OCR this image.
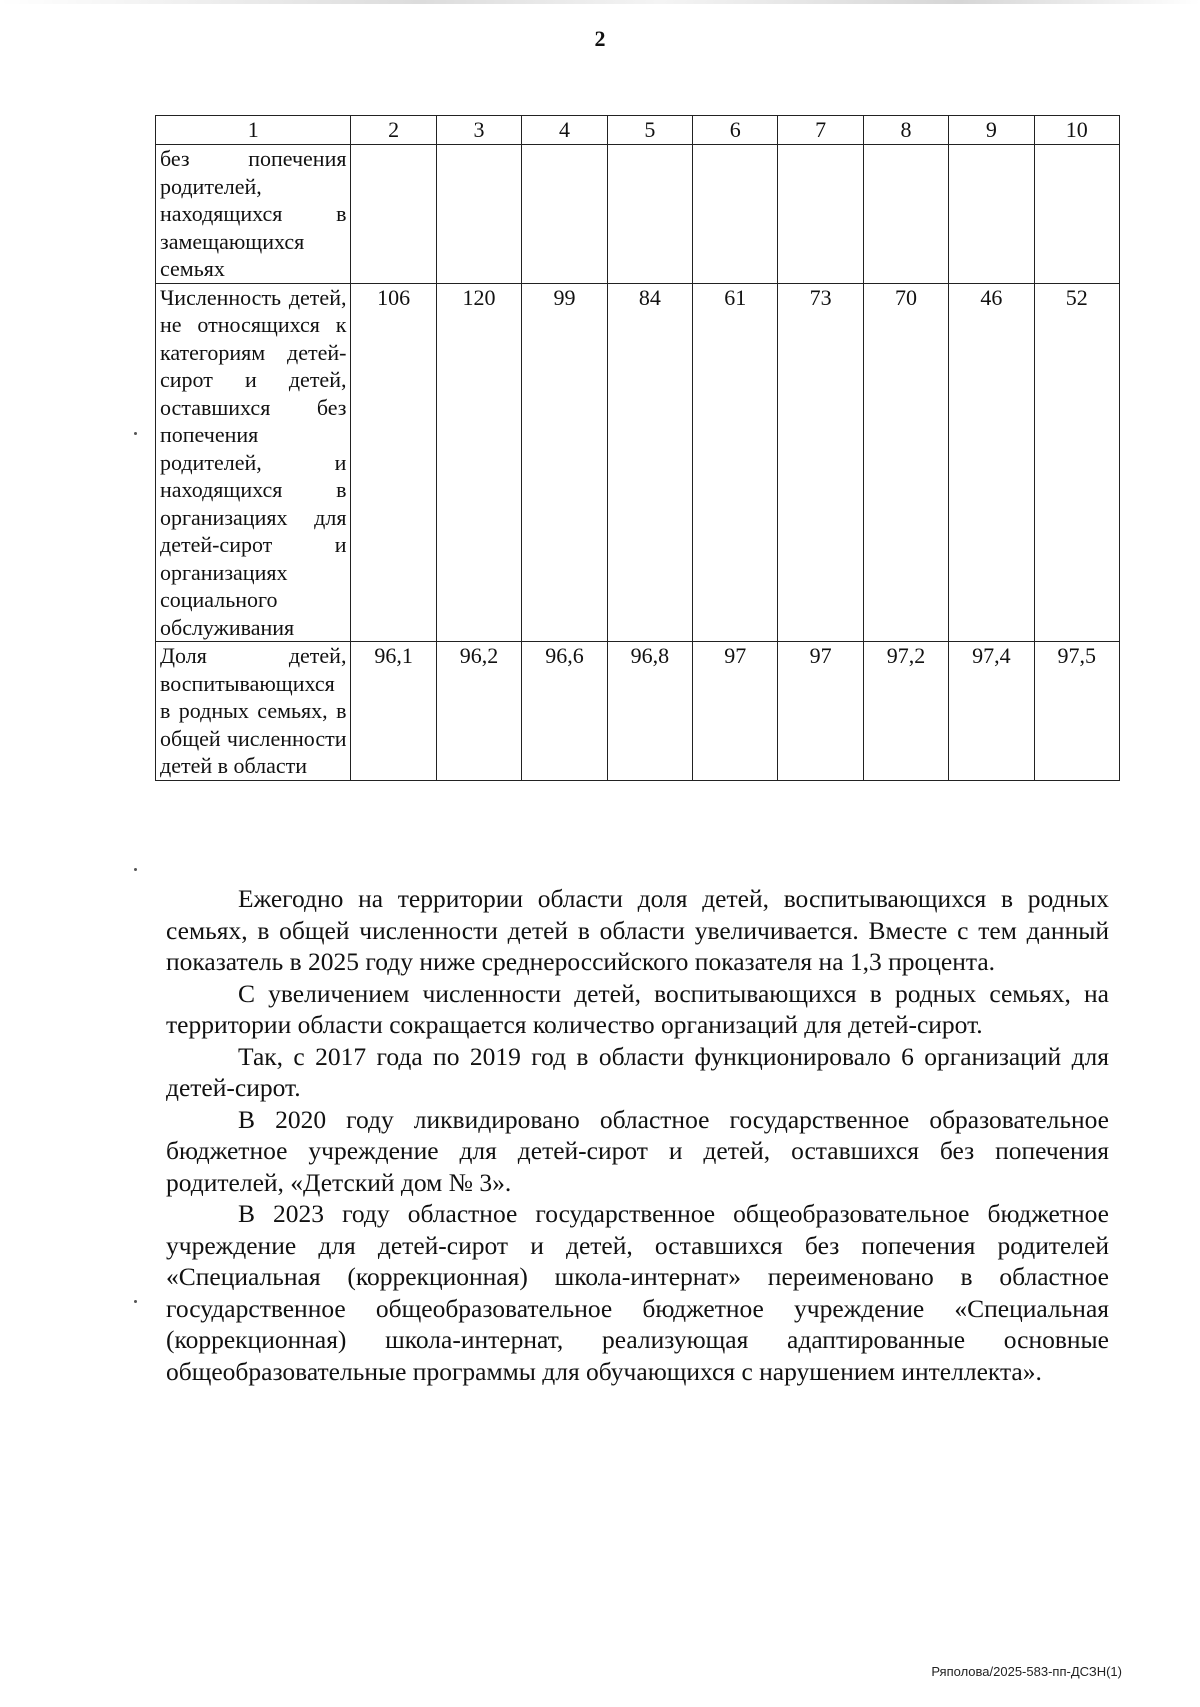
2
1	2	3	4	5	6	7	8	9	10
без попечения родителей, находящихся в замещающихся семьях									
Численность детей, не относящихся к категориям детей-сирот и детей, оставшихся без попечения родителей, и находящихся в организациях для детей-сирот и организациях социального обслуживания	106	120	99	84	61	73	70	46	52
Доля детей, воспитывающихся в родных семьях, в общей численности детей в области	96,1	96,2	96,6	96,8	97	97	97,2	97,4	97,5

Ежегодно на территории области доля детей, воспитывающихся в родных семьях, в общей численности детей в области увеличивается. Вместе с тем данный показатель в 2025 году ниже среднероссийского показателя на 1,3 процента.

С увеличением численности детей, воспитывающихся в родных семьях, на территории области сокращается количество организаций для детей-сирот.

Так, с 2017 года по 2019 год в области функционировало 6 организаций для детей-сирот.

В 2020 году ликвидировано областное государственное образовательное бюджетное учреждение для детей-сирот и детей, оставшихся без попечения родителей, «Детский дом № 3».

В 2023 году областное государственное общеобразовательное бюджетное учреждение для детей-сирот и детей, оставшихся без попечения родителей «Специальная (коррекционная) школа-интернат» переименовано в областное государственное общеобразовательное бюджетное учреждение «Специальная (коррекционная) школа-интернат, реализующая адаптированные основные общеобразовательные программы для обучающихся с нарушением интеллекта».

Ряполова/2025-583-пп-ДСЗН(1)
